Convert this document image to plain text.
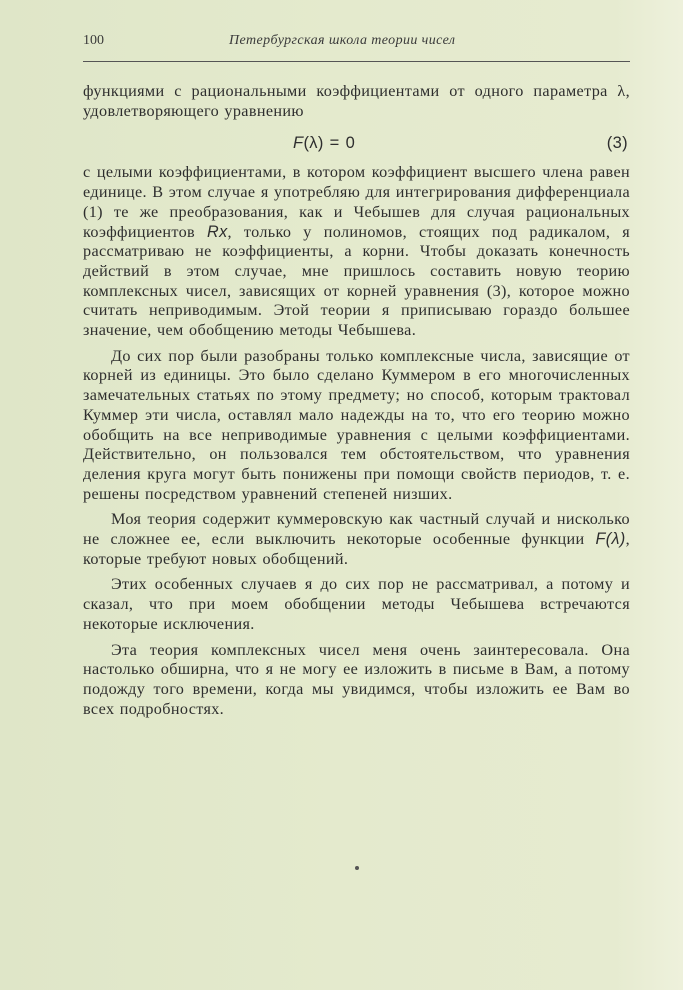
100	Петербургская школа теории чисел

функциями с рациональными коэффициентами от одного параметра λ, удовлетворяющего уравнению

F(λ) = 0	(3)

с целыми коэффициентами, в котором коэффициент высшего члена равен единице. В этом случае я употребляю для интегрирования дифференциала (1) те же преобразования, как и Чебышев для случая рациональных коэффициентов Rx, только у полиномов, стоящих под радикалом, я рассматриваю не коэффициенты, а корни. Чтобы доказать конечность действий в этом случае, мне пришлось составить новую теорию комплексных чисел, зависящих от корней уравнения (3), которое можно считать неприводимым. Этой теории я приписываю гораздо большее значение, чем обобщению методы Чебышева.

До сих пор были разобраны только комплексные числа, зависящие от корней из единицы. Это было сделано Куммером в его многочисленных замечательных статьях по этому предмету; но способ, которым трактовал Куммер эти числа, оставлял мало надежды на то, что его теорию можно обобщить на все неприводимые уравнения с целыми коэффициентами. Действительно, он пользовался тем обстоятельством, что уравнения деления круга могут быть понижены при помощи свойств периодов, т. е. решены посредством уравнений степеней низших.

Моя теория содержит куммеровскую как частный случай и нисколько не сложнее ее, если выключить некоторые особенные функции F(λ), которые требуют новых обобщений.

Этих особенных случаев я до сих пор не рассматривал, а потому и сказал, что при моем обобщении методы Чебышева встречаются некоторые исключения.

Эта теория комплексных чисел меня очень заинтересовала. Она настолько обширна, что я не могу ее изложить в письме в Вам, а потому подожду того времени, когда мы увидимся, чтобы изложить ее Вам во всех подробностях.
